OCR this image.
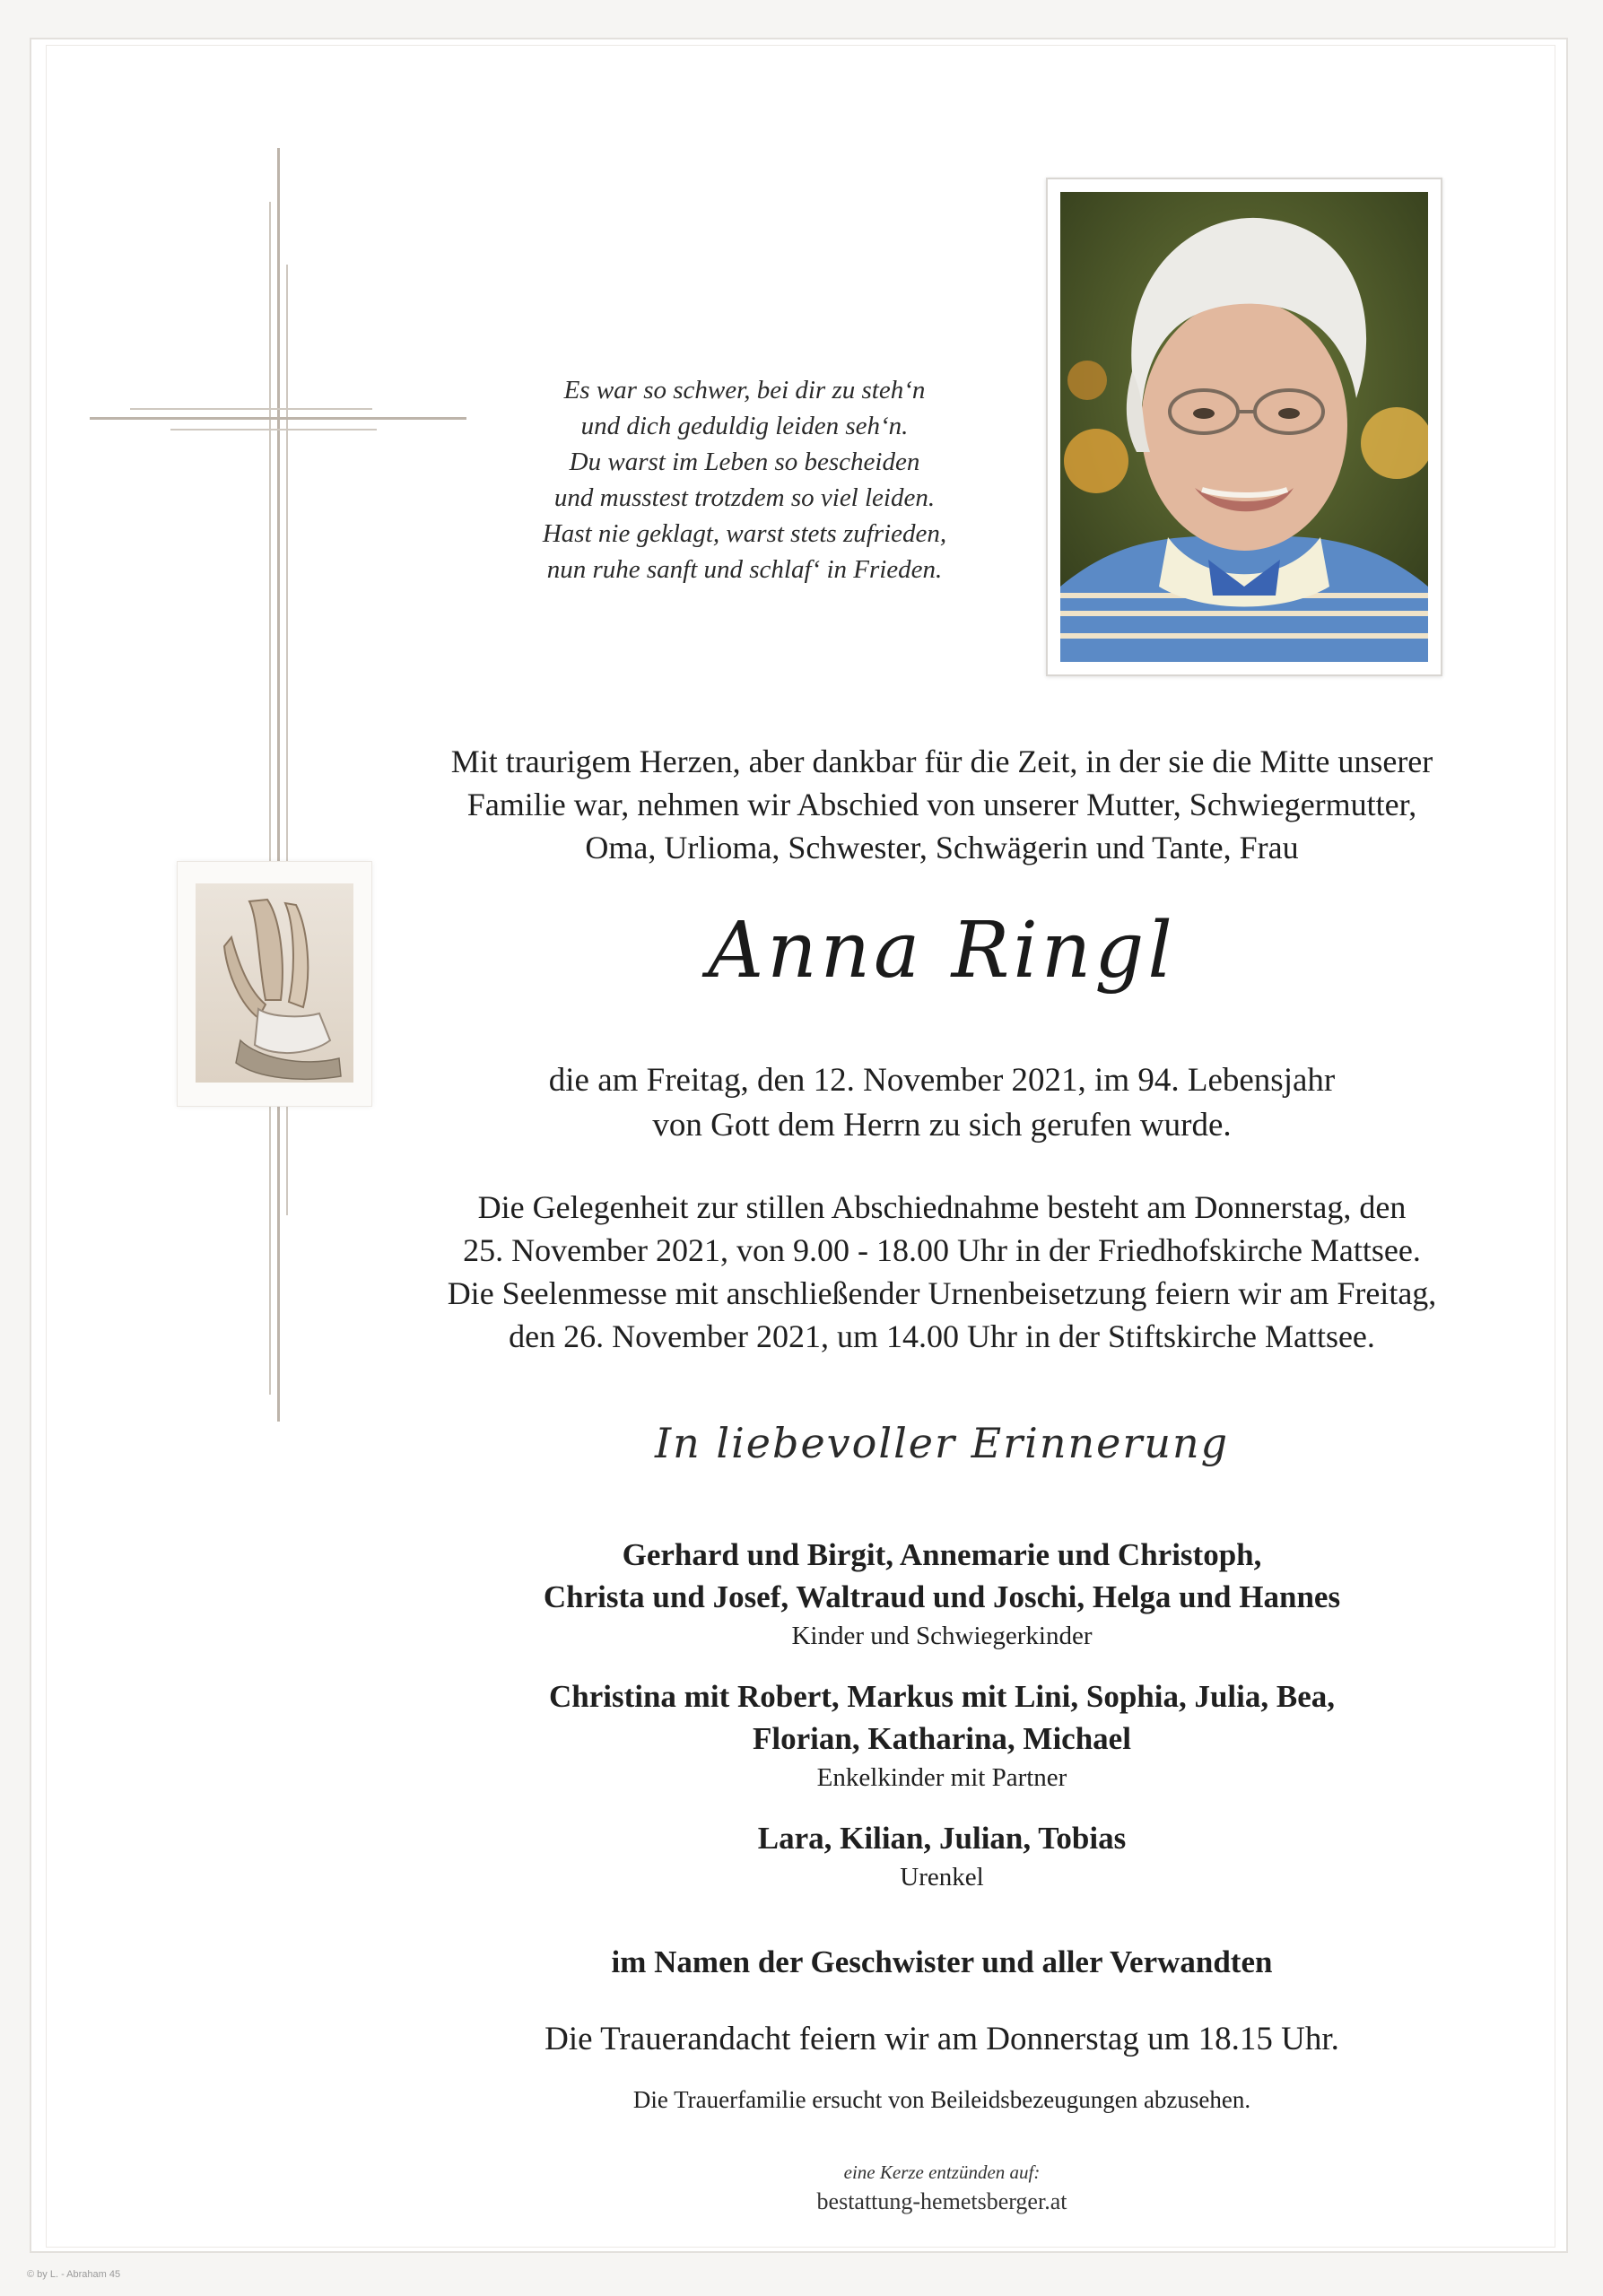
Es war so schwer, bei dir zu steh‘n
und dich geduldig leiden seh‘n.
Du warst im Leben so bescheiden
und musstest trotzdem so viel leiden.
Hast nie geklagt, warst stets zufrieden,
nun ruhe sanft und schlaf‘ in Frieden.
Mit traurigem Herzen, aber dankbar für die Zeit, in der sie die Mitte unserer
Familie war, nehmen wir Abschied von unserer Mutter, Schwiegermutter,
Oma, Urlioma, Schwester, Schwägerin und Tante, Frau
Anna Ringl
die am Freitag, den 12. November 2021, im 94. Lebensjahr
von Gott dem Herrn zu sich gerufen wurde.
Die Gelegenheit zur stillen Abschiednahme besteht am Donnerstag, den
25. November 2021, von 9.00 - 18.00 Uhr in der Friedhofskirche Mattsee.
Die Seelenmesse mit anschließender Urnenbeisetzung feiern wir am Freitag,
den 26. November 2021, um 14.00 Uhr in der Stiftskirche Mattsee.
In liebevoller Erinnerung
Gerhard und Birgit, Annemarie und Christoph,
Christa und Josef, Waltraud und Joschi, Helga und Hannes
Kinder und Schwiegerkinder
Christina mit Robert, Markus mit Lini, Sophia, Julia, Bea,
Florian, Katharina, Michael
Enkelkinder mit Partner
Lara, Kilian, Julian, Tobias
Urenkel
im Namen der Geschwister und aller Verwandten
Die Trauerandacht feiern wir am Donnerstag um 18.15 Uhr.
Die Trauerfamilie ersucht von Beileidsbezeugungen abzusehen.
eine Kerze entzünden auf:
bestattung-hemetsberger.at
© by L. - Abraham 45
